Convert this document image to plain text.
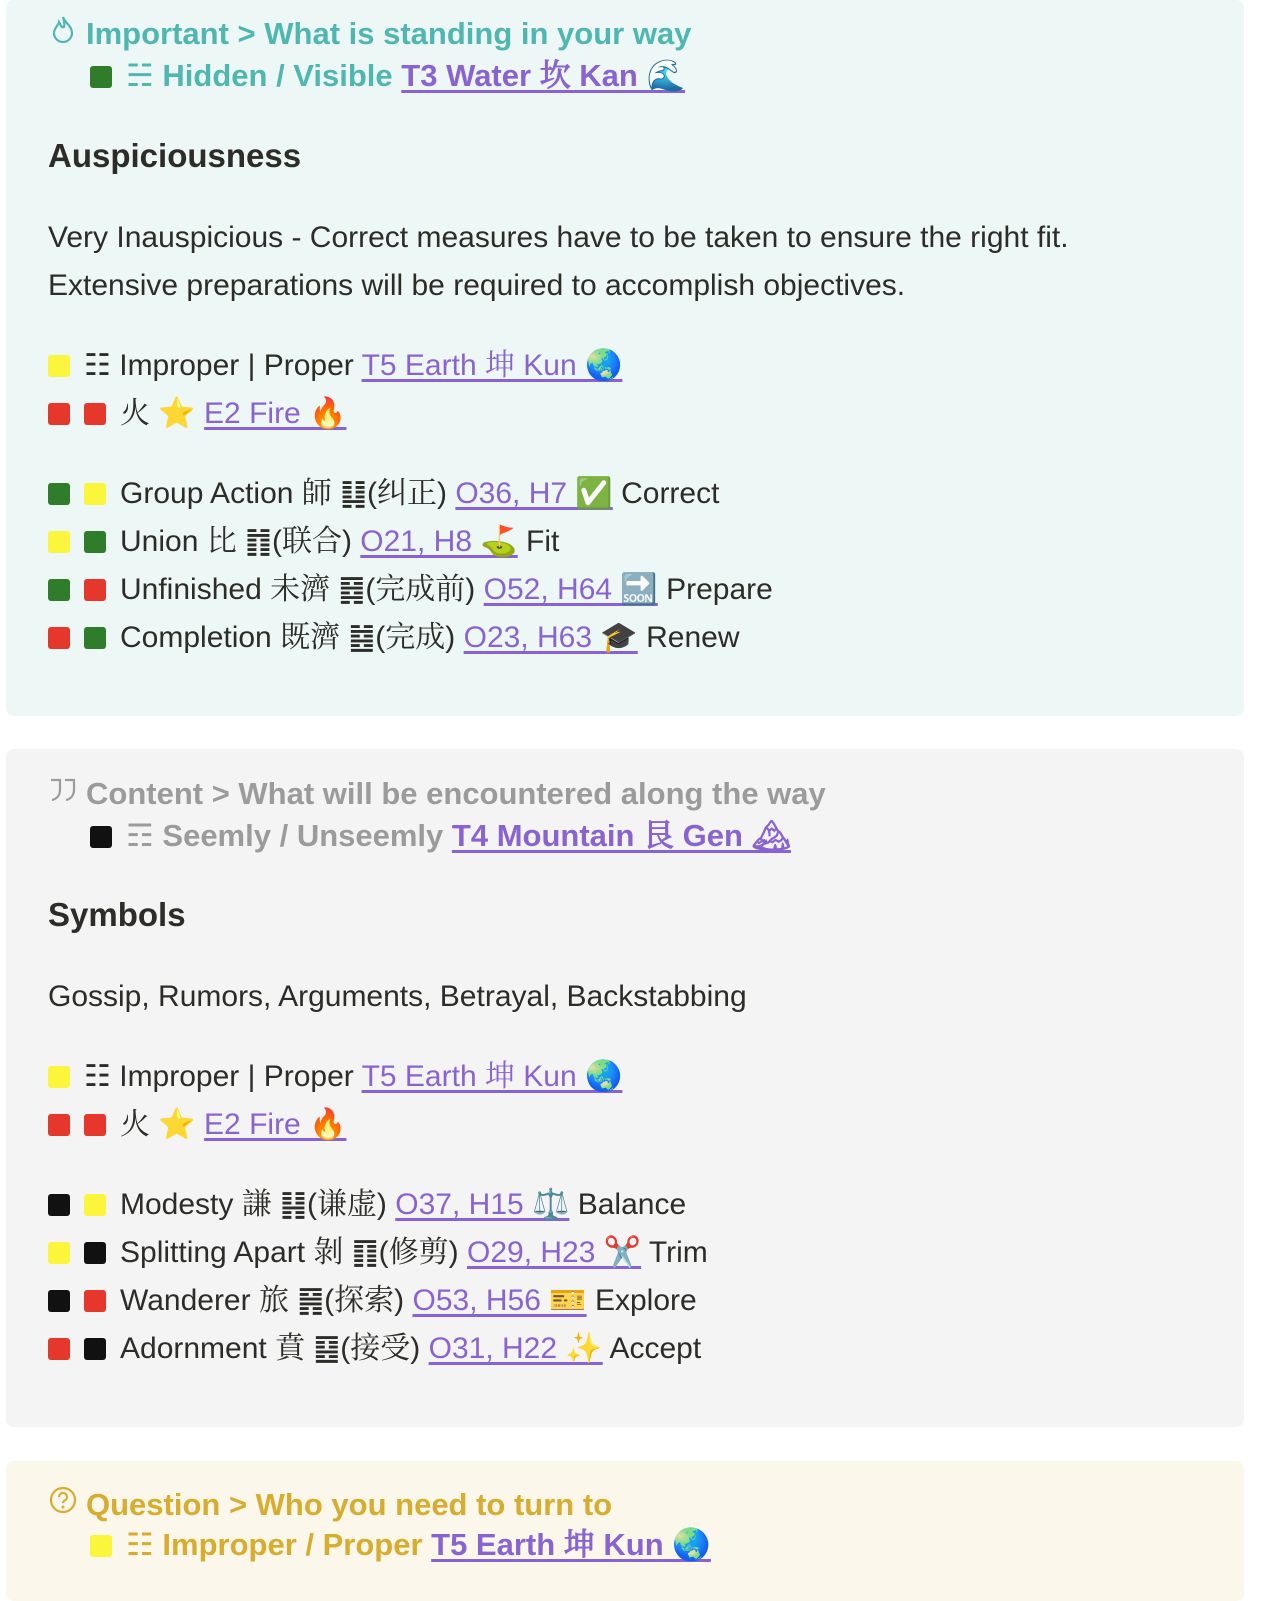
Important > What is standing in your way
☵ Hidden / Visible T3 Water 坎 Kan 🌊
Auspiciousness

Very Inauspicious - Correct measures have to be taken to ensure the right fit.

Extensive preparations will be required to accomplish objectives.

☷ Improper | Proper T5 Earth 坤 Kun 🌏
火 ⭐ E2 Fire 🔥
Group Action 師 ䷆(纠正) O36, H7 ✅ Correct
Union 比 ䷇(联合) O21, H8 ⛳ Fit
Unfinished 未濟 ䷿(完成前) O52, H64 🔜 Prepare
Completion 既濟 ䷾(完成) O23, H63 🎓 Renew
Content > What will be encountered along the way
☶ Seemly / Unseemly T4 Mountain 艮 Gen 🏔
Symbols

Gossip, Rumors, Arguments, Betrayal, Backstabbing

☷ Improper | Proper T5 Earth 坤 Kun 🌏
火 ⭐ E2 Fire 🔥
Modesty 謙 ䷎(谦虚) O37, H15 ⚖️ Balance
Splitting Apart 剝 ䷖(修剪) O29, H23 ✂️ Trim
Wanderer 旅 ䷷(探索) O53, H56 🎫 Explore
Adornment 賁 ䷕(接受) O31, H22 ✨ Accept
Question > Who you need to turn to
☷ Improper / Proper T5 Earth 坤 Kun 🌏
